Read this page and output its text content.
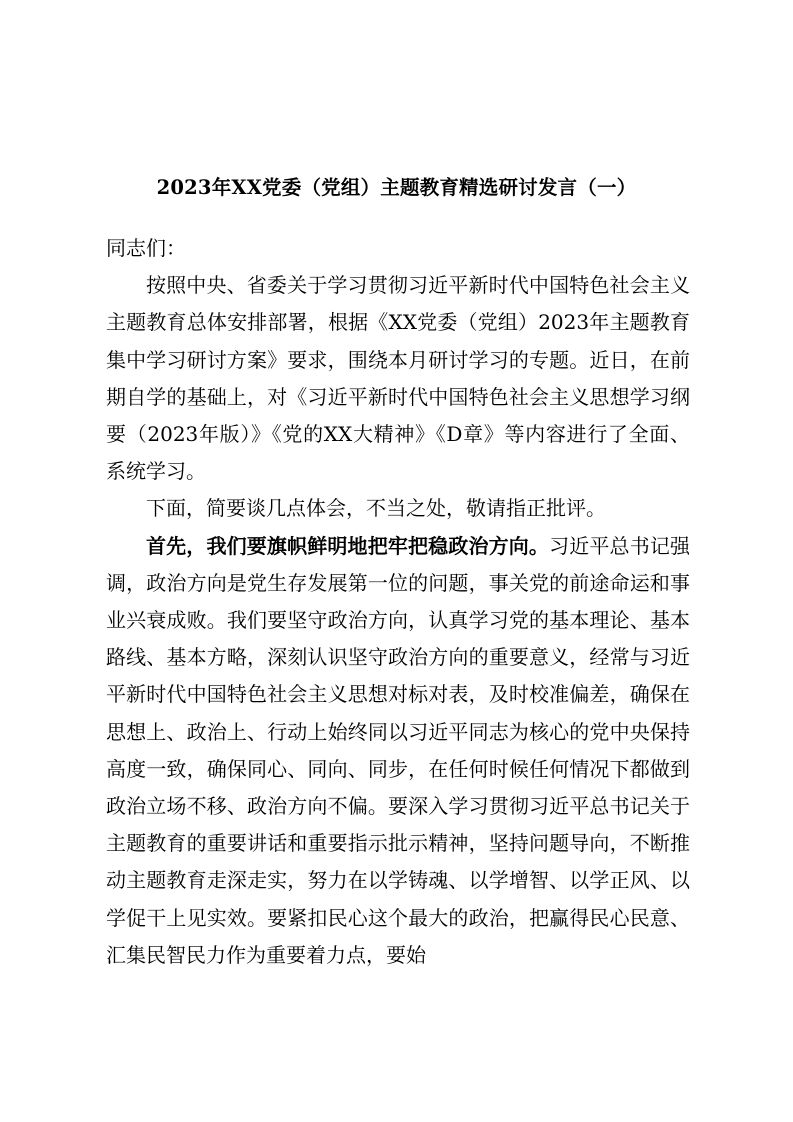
2023年XX党委（党组）主题教育精选研讨发言（一）

同志们：

按照中央、省委关于学习贯彻习近平新时代中国特色社会主义主题教育总体安排部署，根据《XX党委（党组）2023年主题教育集中学习研讨方案》要求，围绕本月研讨学习的专题。近日，在前期自学的基础上，对《习近平新时代中国特色社会主义思想学习纲要（2023年版）》《党的XX大精神》《D章》等内容进行了全面、系统学习。

下面，简要谈几点体会，不当之处，敬请指正批评。

首先，我们要旗帜鲜明地把牢把稳政治方向。习近平总书记强调，政治方向是党生存发展第一位的问题，事关党的前途命运和事业兴衰成败。我们要坚守政治方向，认真学习党的基本理论、基本路线、基本方略，深刻认识坚守政治方向的重要意义，经常与习近平新时代中国特色社会主义思想对标对表，及时校准偏差，确保在思想上、政治上、行动上始终同以习近平同志为核心的党中央保持高度一致，确保同心、同向、同步，在任何时候任何情况下都做到政治立场不移、政治方向不偏。要深入学习贯彻习近平总书记关于主题教育的重要讲话和重要指示批示精神，坚持问题导向，不断推动主题教育走深走实，努力在以学铸魂、以学增智、以学正风、以学促干上见实效。要紧扣民心这个最大的政治，把赢得民心民意、汇集民智民力作为重要着力点，要始
